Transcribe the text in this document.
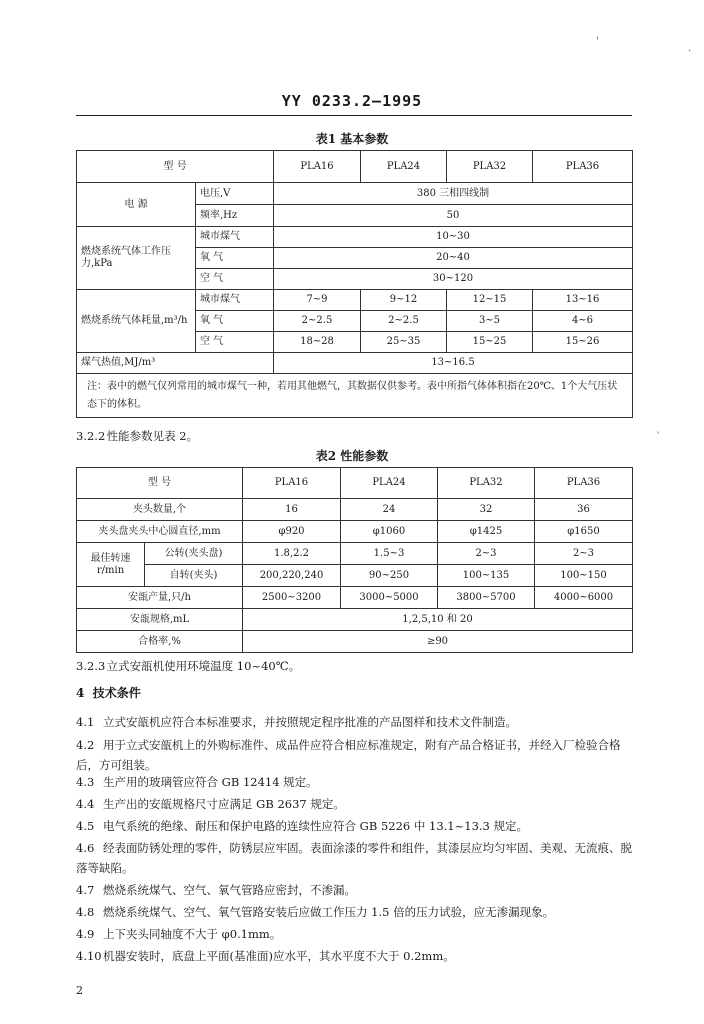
'
·
`
YY 0233.2—1995
表1 基本参数
型 号		PLA16	PLA24	PLA32	PLA36
电 源	电压,V	380 三相四线制			
	频率,Hz	50			
燃烧系统气体工作压力,kPa	城市煤气	10~30			
	氧 气	20~40			
	空 气	30~120			
燃烧系统气体耗量,m³/h	城市煤气	7~9	9~12	12~15	13~16
	氧 气	2~2.5	2~2.5	3~5	4~6
	空 气	18~28	25~35	15~25	15~26
煤气热值,MJ/m³		13~16.5			
注：表中的燃气仅列常用的城市煤气一种，若用其他燃气，其数据仅供参考。表中所指气体体积指在20℃、1个大气压状态下的体积。					
3.2.2 性能参数见表 2。
表2 性能参数
型 号		PLA16	PLA24	PLA32	PLA36
夹头数量,个		16	24	32	36
夹头盘夹头中心圆直径,mm		φ920	φ1060	φ1425	φ1650
最佳转速 r/min	公转(夹头盘)	1.8,2.2	1.5~3	2~3	2~3
	自转(夹头)	200,220,240	90~250	100~135	100~150
安瓿产量,只/h		2500~3200	3000~5000	3800~5700	4000~6000
安瓿规格,mL		1,2,5,10 和 20			
合格率,%		≥90			
3.2.3 立式安瓿机使用环境温度 10~40℃。
4 技术条件
4.1 立式安瓿机应符合本标准要求，并按照规定程序批准的产品图样和技术文件制造。
4.2 用于立式安瓿机上的外购标准件、成品件应符合相应标准规定，附有产品合格证书，并经入厂检验合格后，方可组装。
4.3 生产用的玻璃管应符合 GB 12414 规定。
4.4 生产出的安瓿规格尺寸应满足 GB 2637 规定。
4.5 电气系统的绝缘、耐压和保护电路的连续性应符合 GB 5226 中 13.1~13.3 规定。
4.6 经表面防锈处理的零件，防锈层应牢固。表面涂漆的零件和组件，其漆层应均匀牢固、美观、无流痕、脱落等缺陷。
4.7 燃烧系统煤气、空气、氧气管路应密封，不渗漏。
4.8 燃烧系统煤气、空气、氧气管路安装后应做工作压力 1.5 倍的压力试验，应无渗漏现象。
4.9 上下夹头同轴度不大于 φ0.1mm。
4.10机器安装时，底盘上平面(基准面)应水平，其水平度不大于 0.2mm。
2
